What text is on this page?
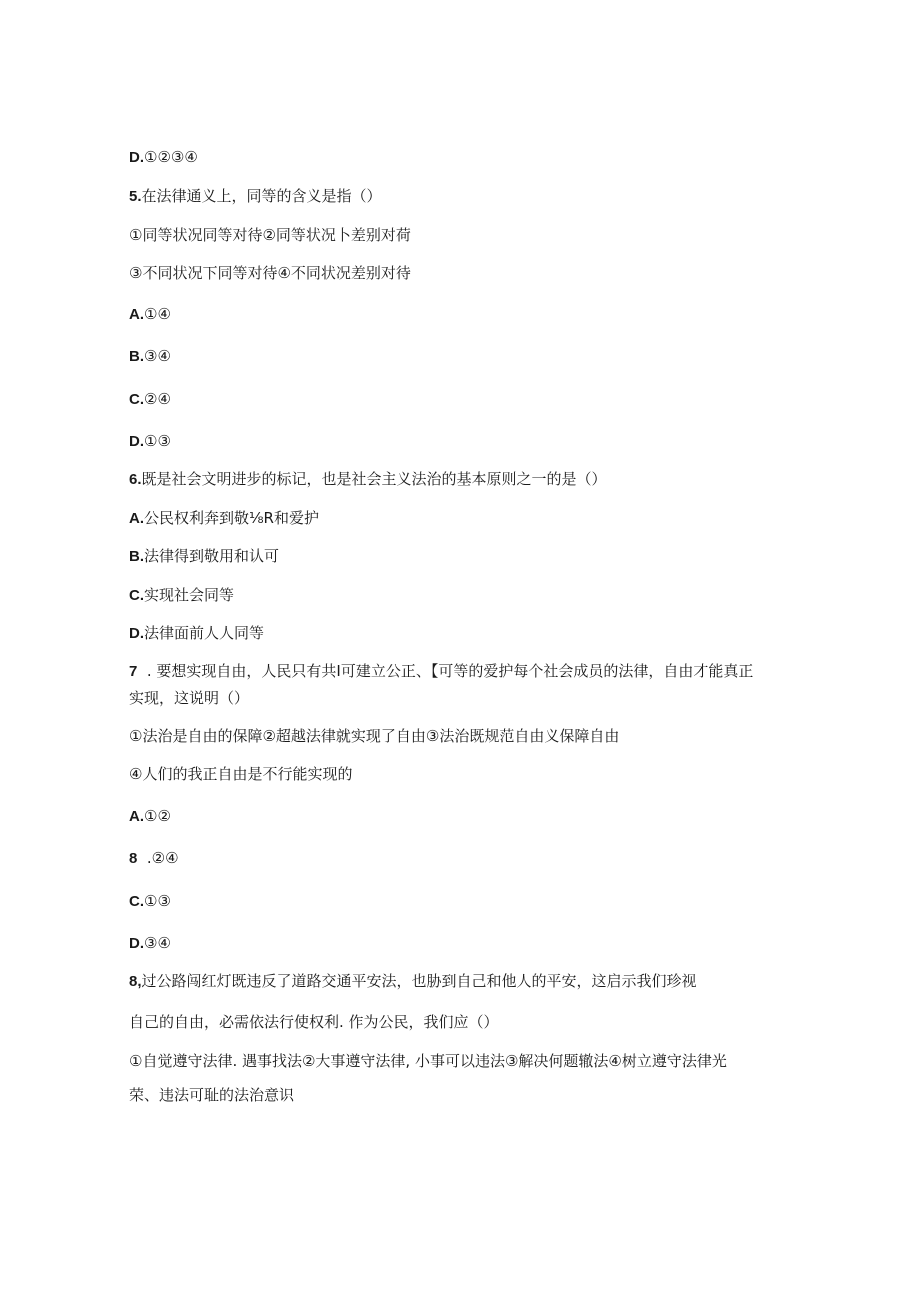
D.①②③④
5.在法律通义上，同等的含义是指（）
①同等状况同等对待②同等状况卜差别对荷
③不同状况下同等对待④不同状况差别对待
A.①④
B.③④
C.②④
D.①③
6.既是社会文明进步的标记，也是社会主义法治的基本原则之一的是（）
A.公民权利奔到敬⅛R和爱护
B.法律得到敬用和认可
C.实现社会同等
D.法律面前人人同等
7  . 要想实现自由，人民只有共I可建立公正、【可等的爱护每个社会成员的法律，自由才能真正
实现，这说明（）
①法治是自由的保障②超越法律就实现了自由③法治既规范自由义保障自由
④人们的我正自由是不行能实现的
A.①②
8  .②④
C.①③
D.③④
8,过公路闯红灯既违反了道路交通平安法，也胁到自己和他人的平安，这启示我们珍视
自己的自由，必需依法行使权利. 作为公民，我们应（）
①自觉遵守法律. 遇事找法②大事遵守法律, 小事可以违法③解决何题辙法④树立遵守法律光
荣、违法可耻的法治意识
